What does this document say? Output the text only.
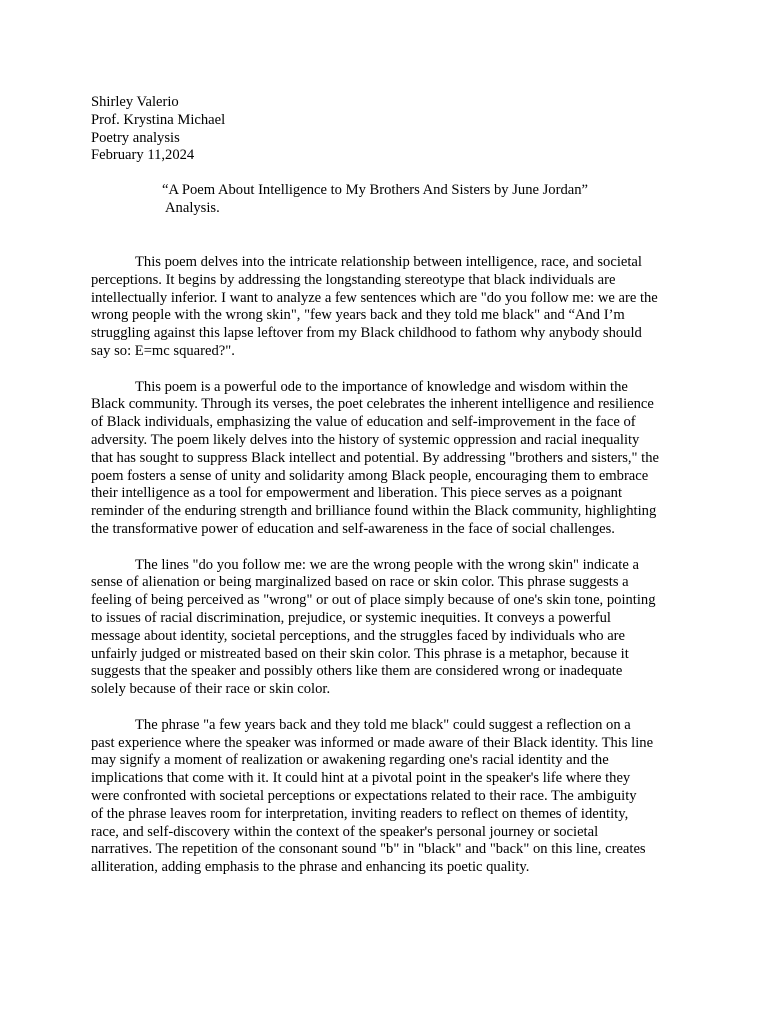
Shirley Valerio
Prof. Krystina Michael
Poetry analysis
February 11,2024
“A Poem About Intelligence to My Brothers And Sisters by June Jordan”
Analysis.
This poem delves into the intricate relationship between intelligence, race, and societal
perceptions. It begins by addressing the longstanding stereotype that black individuals are
intellectually inferior. I want to analyze a few sentences which are "do you follow me: we are the
wrong people with the wrong skin", "few years back and they told me black" and “And I’m
struggling against this lapse leftover from my Black childhood to fathom why anybody should
say so: E=mc squared?".
This poem is a powerful ode to the importance of knowledge and wisdom within the
Black community. Through its verses, the poet celebrates the inherent intelligence and resilience
of Black individuals, emphasizing the value of education and self-improvement in the face of
adversity. The poem likely delves into the history of systemic oppression and racial inequality
that has sought to suppress Black intellect and potential. By addressing "brothers and sisters," the
poem fosters a sense of unity and solidarity among Black people, encouraging them to embrace
their intelligence as a tool for empowerment and liberation. This piece serves as a poignant
reminder of the enduring strength and brilliance found within the Black community, highlighting
the transformative power of education and self-awareness in the face of social challenges.
The lines "do you follow me: we are the wrong people with the wrong skin" indicate a
sense of alienation or being marginalized based on race or skin color. This phrase suggests a
feeling of being perceived as "wrong" or out of place simply because of one's skin tone, pointing
to issues of racial discrimination, prejudice, or systemic inequities. It conveys a powerful
message about identity, societal perceptions, and the struggles faced by individuals who are
unfairly judged or mistreated based on their skin color. This phrase is a metaphor, because it
suggests that the speaker and possibly others like them are considered wrong or inadequate
solely because of their race or skin color.
The phrase "a few years back and they told me black" could suggest a reflection on a
past experience where the speaker was informed or made aware of their Black identity. This line
may signify a moment of realization or awakening regarding one's racial identity and the
implications that come with it. It could hint at a pivotal point in the speaker's life where they
were confronted with societal perceptions or expectations related to their race. The ambiguity
of the phrase leaves room for interpretation, inviting readers to reflect on themes of identity,
race, and self-discovery within the context of the speaker's personal journey or societal
narratives. The repetition of the consonant sound "b" in "black" and "back" on this line, creates
alliteration, adding emphasis to the phrase and enhancing its poetic quality.
